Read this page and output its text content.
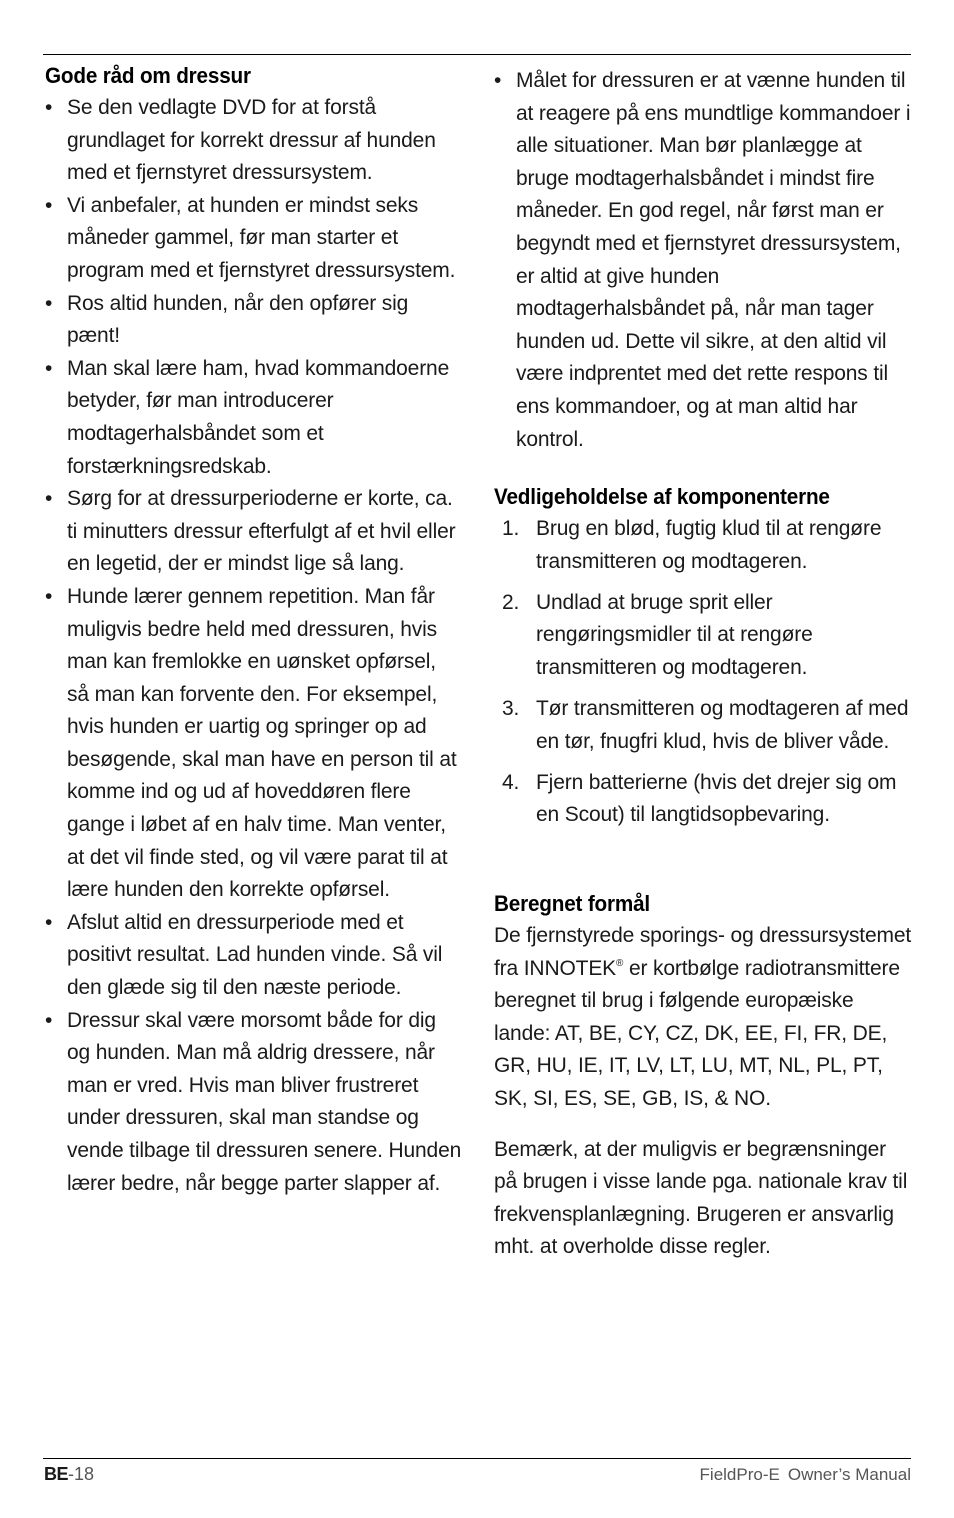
Gode råd om dressur
• Se den vedlagte DVD for at forstå grundlaget for korrekt dressur af hunden med et fjernstyret dressursystem.
• Vi anbefaler, at hunden er mindst seks måneder gammel, før man starter et program med et fjernstyret dressursystem.
• Ros altid hunden, når den opfører sig pænt!
• Man skal lære ham, hvad kommandoerne betyder, før man introducerer modtagerhalsbåndet som et forstærkningsredskab.
• Sørg for at dressurperioderne er korte, ca. ti minutters dressur efterfulgt af et hvil eller en legetid, der er mindst lige så lang.
• Hunde lærer gennem repetition. Man får muligvis bedre held med dressuren, hvis man kan fremlokke en uønsket opførsel, så man kan forvente den. For eksempel, hvis hunden er uartig og springer op ad besøgende, skal man have en person til at komme ind og ud af hoveddøren flere gange i løbet af en halv time. Man venter, at det vil finde sted, og vil være parat til at lære hunden den korrekte opførsel.
• Afslut altid en dressurperiode med et positivt resultat. Lad hunden vinde. Så vil den glæde sig til den næste periode.
• Dressur skal være morsomt både for dig og hunden. Man må aldrig dressere, når man er vred. Hvis man bliver frustreret under dressuren, skal man standse og vende tilbage til dressuren senere. Hunden lærer bedre, når begge parter slapper af.
• Målet for dressuren er at vænne hunden til at reagere på ens mundtlige kommandoer i alle situationer. Man bør planlægge at bruge modtagerhalsbåndet i mindst fire måneder. En god regel, når først man er begyndt med et fjernstyret dressursystem, er altid at give hunden modtagerhalsbåndet på, når man tager hunden ud. Dette vil sikre, at den altid vil være indprentet med det rette respons til ens kommandoer, og at man altid har kontrol.
Vedligeholdelse af komponenterne
1. Brug en blød, fugtig klud til at rengøre transmitteren og modtageren.
2. Undlad at bruge sprit eller rengøringsmidler til at rengøre transmitteren og modtageren.
3. Tør transmitteren og modtageren af med en tør, fnugfri klud, hvis de bliver våde.
4. Fjern batterierne (hvis det drejer sig om en Scout) til langtidsopbevaring.
Beregnet formål

De fjernstyrede sporings- og dressursystemet fra INNOTEK® er kortbølge radiotransmittere beregnet til brug i følgende europæiske lande: AT, BE, CY, CZ, DK, EE, FI, FR, DE, GR, HU, IE, IT, LV, LT, LU, MT, NL, PL, PT, SK, SI, ES, SE, GB, IS, & NO.

Bemærk, at der muligvis er begrænsninger på brugen i visse lande pga. nationale krav til frekvensplanlægning. Brugeren er ansvarlig mht. at overholde disse regler.

BE-18	FieldPro-E Owner’s Manual
